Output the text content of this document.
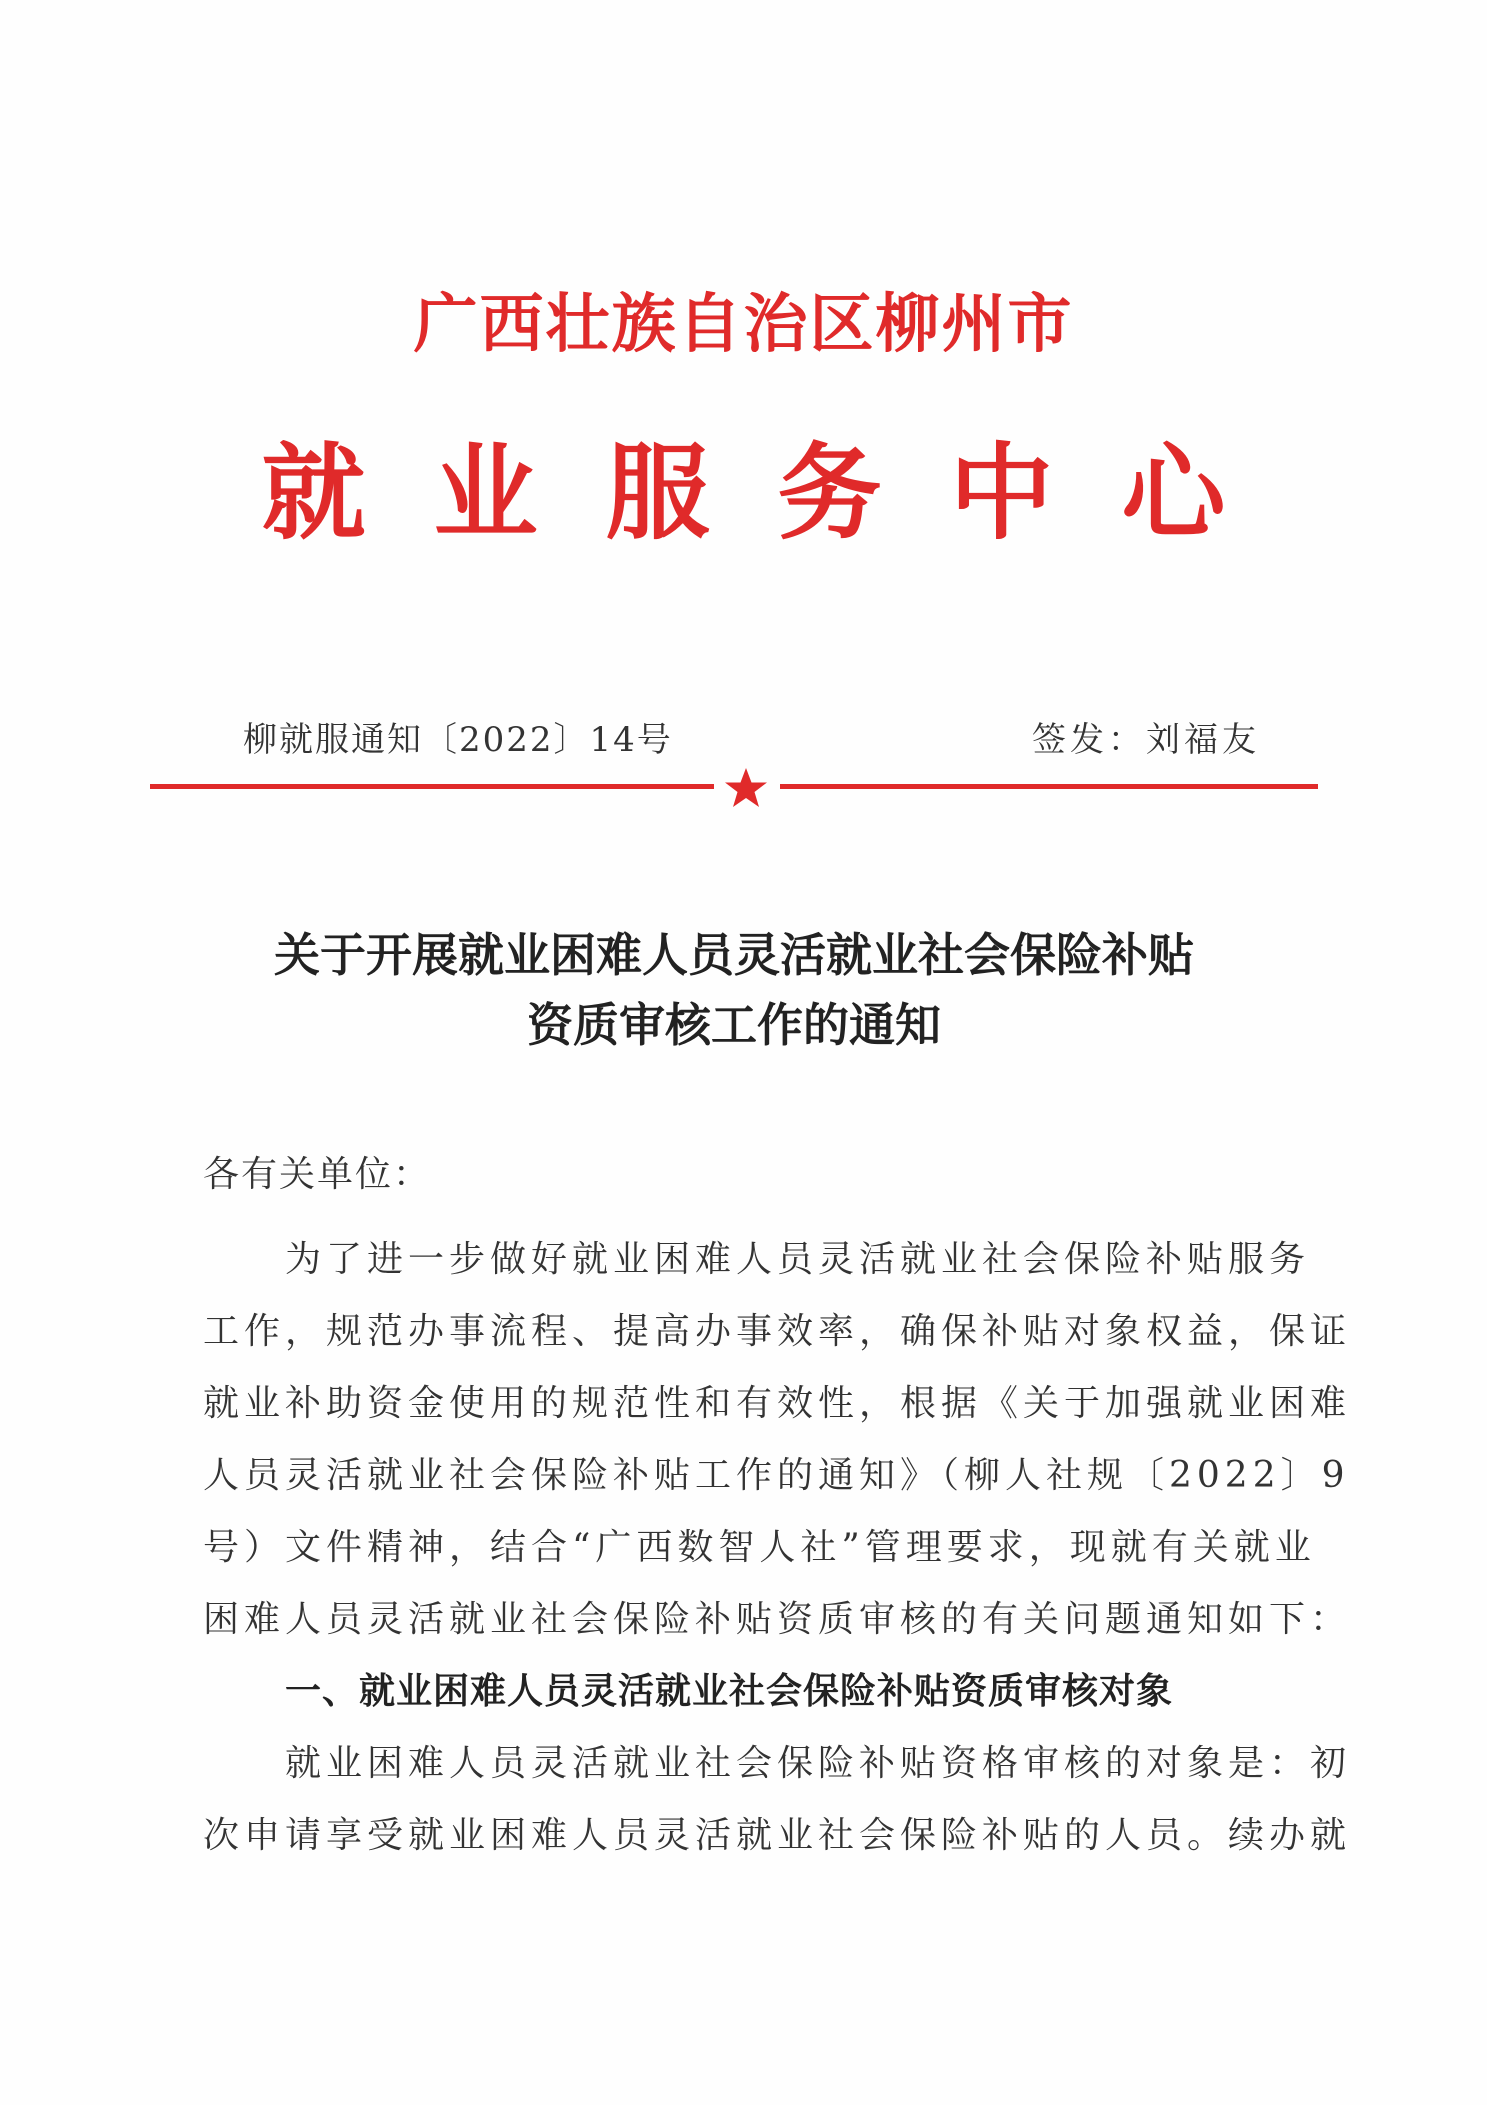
广西壮族自治区柳州市
就业服务中心
柳就服通知〔2022〕14号	签发：刘福友
关于开展就业困难人员灵活就业社会保险补贴
资质审核工作的通知
各有关单位：
为了进一步做好就业困难人员灵活就业社会保险补贴服务
工作，规范办事流程、提高办事效率，确保补贴对象权益，保证
就业补助资金使用的规范性和有效性，根据《关于加强就业困难
人员灵活就业社会保险补贴工作的通知》（柳人社规〔2022〕9
号）文件精神，结合“广西数智人社”管理要求，现就有关就业
困难人员灵活就业社会保险补贴资质审核的有关问题通知如下：
一、就业困难人员灵活就业社会保险补贴资质审核对象
就业困难人员灵活就业社会保险补贴资格审核的对象是：初
次申请享受就业困难人员灵活就业社会保险补贴的人员。续办就
